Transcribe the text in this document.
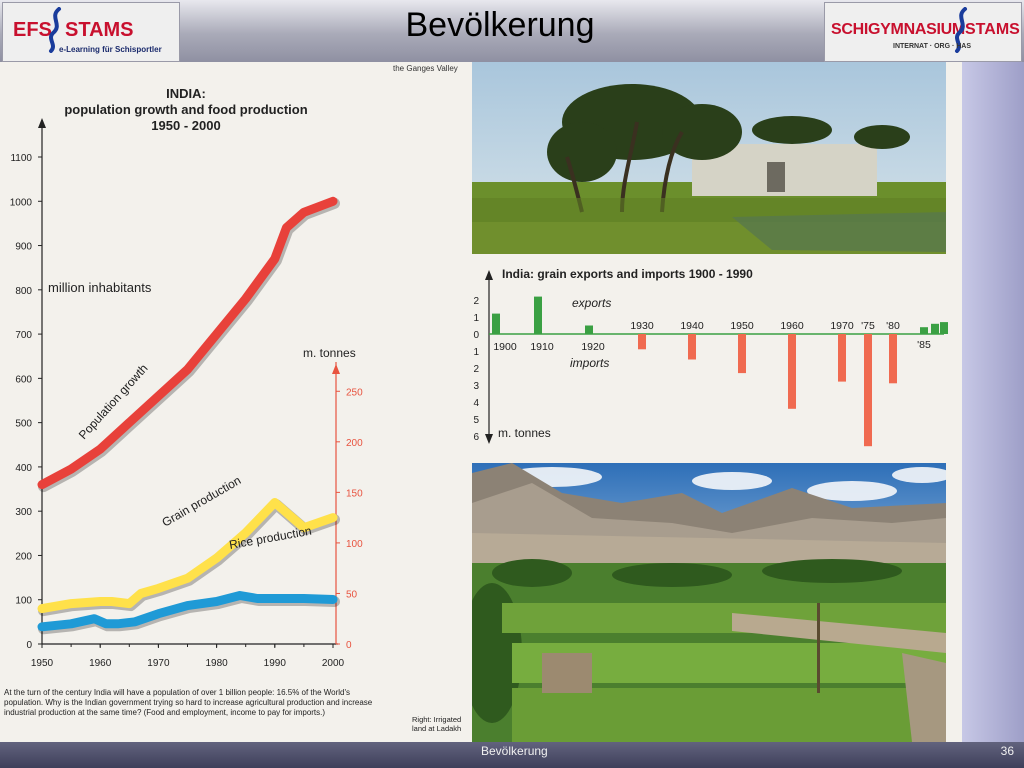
EFS STAMS
e-Learning für Schisportler
Bevölkerung	SCHIGYMNASIUM STAMS
INTERNAT · ORG · HAS
INDIA:
population growth and food production
1950 - 2000
million inhabitants
m. tonnes
0
100
200
300
400
500
600
700
800
900
1000
1100
1950	1960	1970	1980	1990	2000
0
50
100
150
200
250
Population growth
Grain production
Rice production
At the turn of the century India will have a population of over 1 billion people: 16.5% of the World's population. Why is the Indian government trying so hard to increase agricultural production and increase industrial production at the same time? (Food and employment, income to pay for imports.)
the Ganges Valley
Right: Irrigated land at Ladakh
India: grain exports and imports 1900 - 1990
exports
imports
m. tonnes
0
1
2
1
2
3
4
5
6
1900 1910	1920
1930	1940	1950	1960	1970 '75 '80
'85
Bevölkerung	36
